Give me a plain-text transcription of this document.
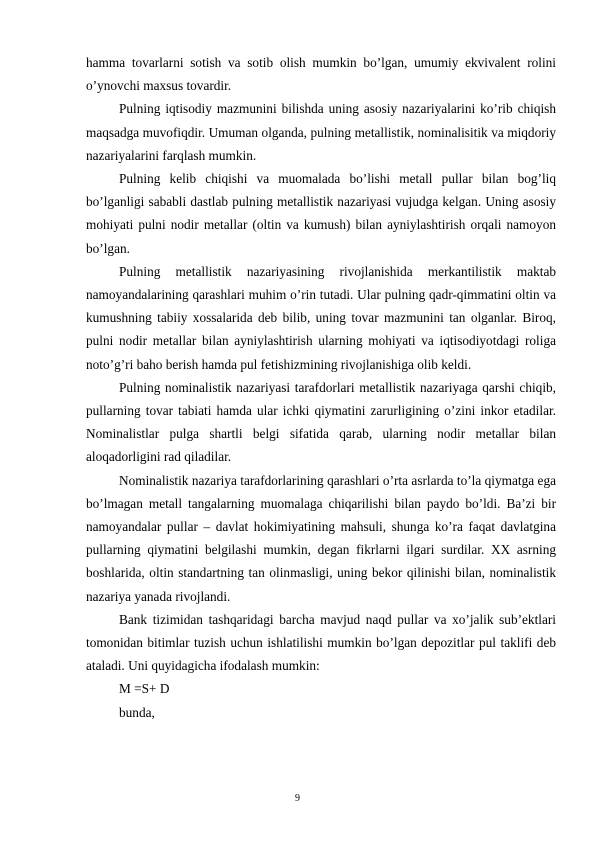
hamma tovarlarni sotish va sotib olish mumkin bo’lgan, umumiy ekvivalent rolini o’ynovchi maxsus tovardir.

Pulning iqtisodiy mazmunini bilishda uning asosiy nazariyalarini ko’rib chiqish maqsadga muvofiqdir. Umuman olganda, pulning metallistik, nominalisitik va miqdoriy nazariyalarini farqlash mumkin.

Pulning kelib chiqishi va muomalada bo’lishi metall pullar bilan bog’liq bo’lganligi sababli dastlab pulning metallistik nazariyasi vujudga kelgan. Uning asosiy mohiyati pulni nodir metallar (oltin va kumush) bilan ayniylashtirish orqali namoyon bo’lgan.

Pulning metallistik nazariyasining rivojlanishida merkantilistik maktab namoyandalarining qarashlari muhim o’rin tutadi. Ular pulning qadr-qimmatini oltin va kumushning tabiiy xossalarida deb bilib, uning tovar mazmunini tan olganlar. Biroq, pulni nodir metallar bilan ayniylashtirish ularning mohiyati va iqtisodiyotdagi roliga noto’g’ri baho berish hamda pul fetishizmining rivojlanishiga olib keldi.

Pulning nominalistik nazariyasi tarafdorlari metallistik nazariyaga qarshi chiqib, pullarning tovar tabiati hamda ular ichki qiymatini zarurligining o’zini inkor etadilar. Nominalistlar pulga shartli belgi sifatida qarab, ularning nodir metallar bilan aloqadorligini rad qiladilar.

Nominalistik nazariya tarafdorlarining qarashlari o’rta asrlarda to’la qiymatga ega bo’lmagan metall tangalarning muomalaga chiqarilishi bilan paydo bo’ldi. Ba’zi bir namoyandalar pullar – davlat hokimiyatining mahsuli, shunga ko’ra faqat davlatgina pullarning qiymatini belgilashi mumkin, degan fikrlarni ilgari surdilar. XX asrning boshlarida, oltin standartning tan olinmasligi, uning bekor qilinishi bilan, nominalistik nazariya yanada rivojlandi.

Bank tizimidan tashqaridagi barcha mavjud naqd pullar va xo’jalik sub’ektlari tomonidan bitimlar tuzish uchun ishlatilishi mumkin bo’lgan depozitlar pul taklifi deb ataladi. Uni quyidagicha ifodalash mumkin:

M =S+ D

bunda,

9
